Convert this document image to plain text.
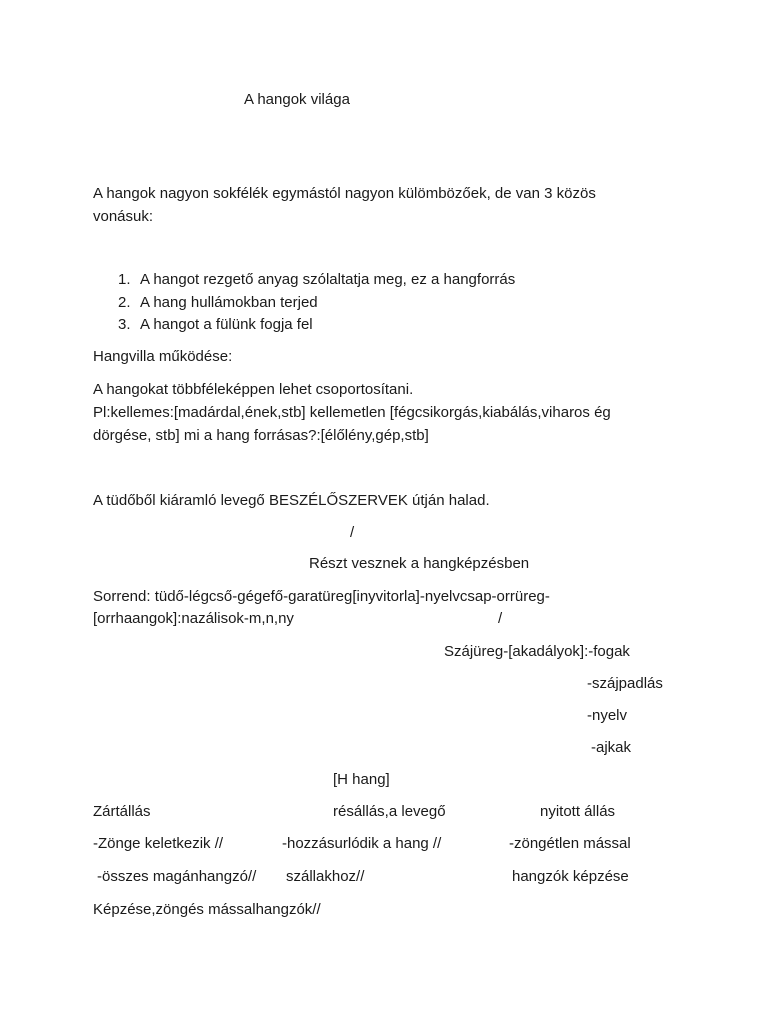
A hangok világa

A hangok nagyon sokfélék egymástól nagyon külömbözőek, de van 3 közös

vonásuk:

1. A hangot rezgető anyag szólaltatja meg, ez a hangforrás
2. A hang hullámokban terjed
3. A hangot a fülünk fogja fel

Hangvilla működése:

A hangokat többféleképpen lehet csoportosítani.

Pl:kellemes:[madárdal,ének,stb] kellemetlen [fégcsikorgás,kiabálás,viharos ég

dörgése, stb] mi a hang forrásas?:[élőlény,gép,stb]

A tüdőből kiáramló levegő BESZÉLŐSZERVEK útján halad.

/

Részt vesznek a hangképzésben

Sorrend: tüdő-légcső-gégefő-garatüreg[inyvitorla]-nyelvcsap-orrüreg-

[orrhaangok]:nazálisok-m,n,ny	/

Szájüreg-[akadályok]:-fogak

-szájpadlás

-nyelv

-ajkak

[H hang]

Zártállás	résállás,a levegő	nyitott állás

-Zönge keletkezik //	-hozzásurlódik a hang //	-zöngétlen mással

-összes magánhangzó// szállakhoz//	hangzók képzése

Képzése,zöngés mássalhangzók//
